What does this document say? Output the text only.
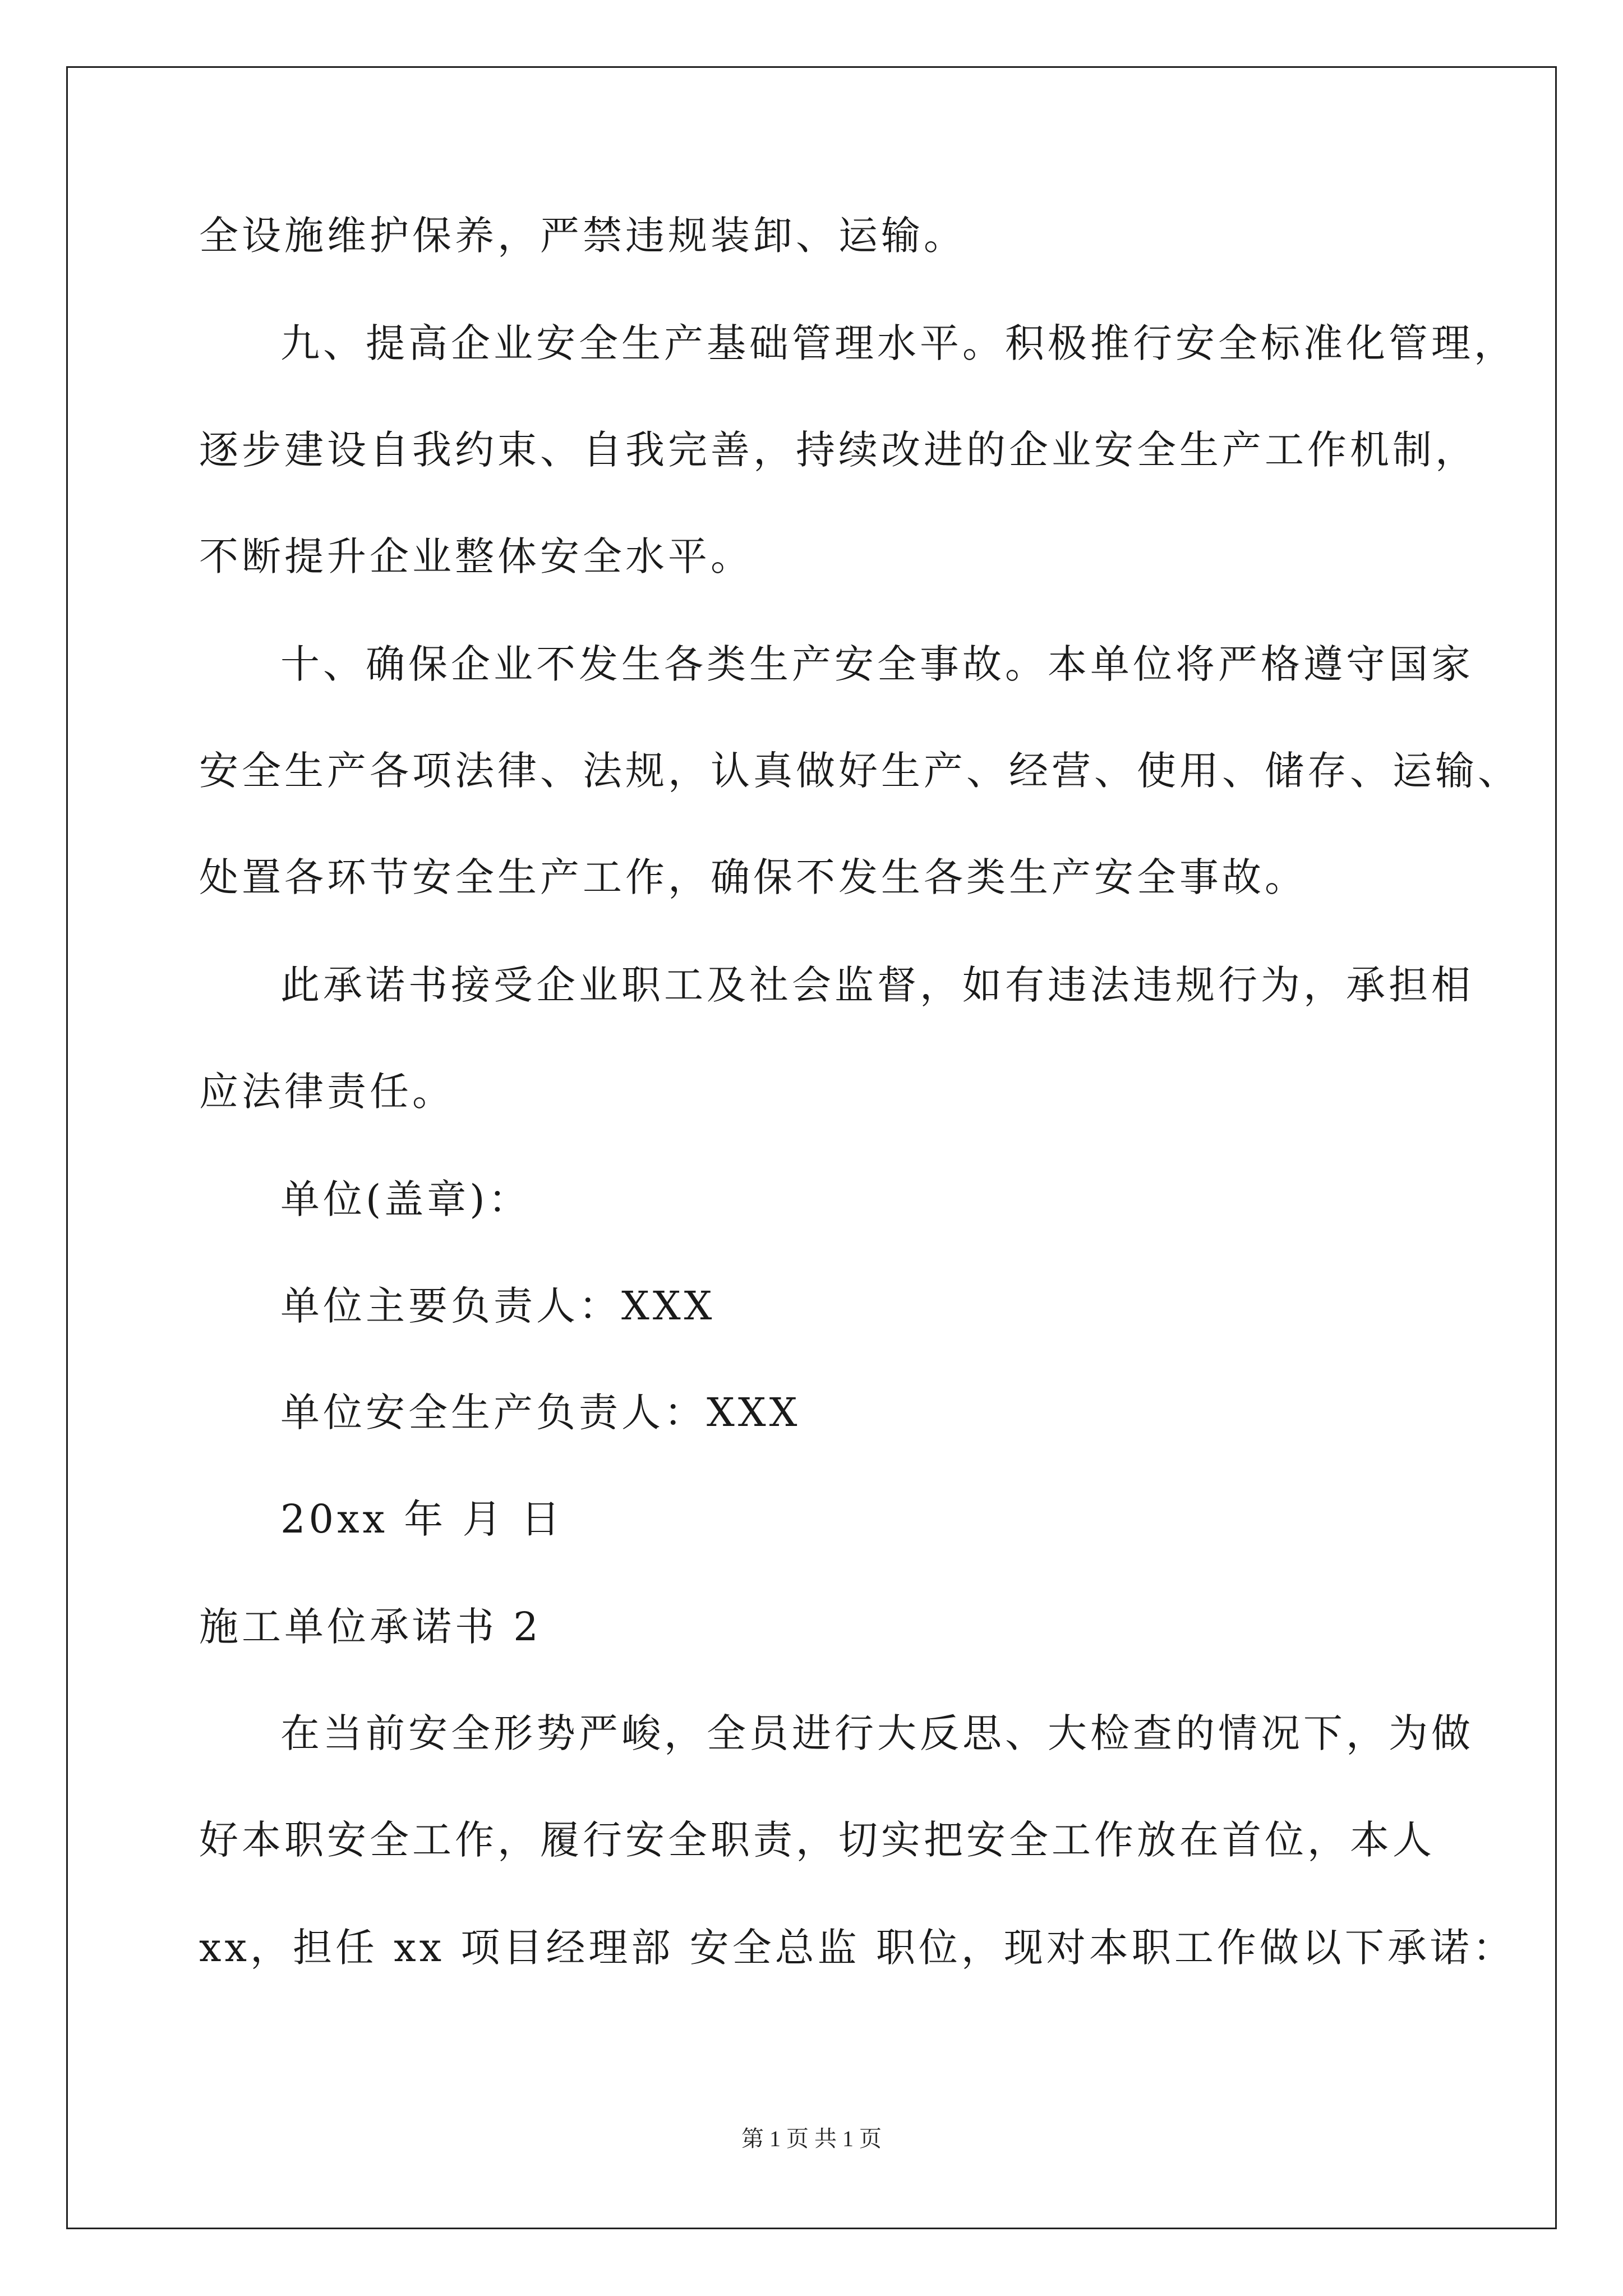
全设施维护保养，严禁违规装卸、运输。
九、提高企业安全生产基础管理水平。积极推行安全标准化管理，
逐步建设自我约束、自我完善，持续改进的企业安全生产工作机制，
不断提升企业整体安全水平。
十、确保企业不发生各类生产安全事故。本单位将严格遵守国家
安全生产各项法律、法规，认真做好生产、经营、使用、储存、运输、
处置各环节安全生产工作，确保不发生各类生产安全事故。
此承诺书接受企业职工及社会监督，如有违法违规行为，承担相
应法律责任。
单位(盖章)：
单位主要负责人：XXX
单位安全生产负责人：XXX
20xx 年 月 日
施工单位承诺书 2
在当前安全形势严峻，全员进行大反思、大检查的情况下，为做
好本职安全工作，履行安全职责，切实把安全工作放在首位，本人
xx，担任 xx 项目经理部 安全总监 职位，现对本职工作做以下承诺：
第 1 页 共 1 页
